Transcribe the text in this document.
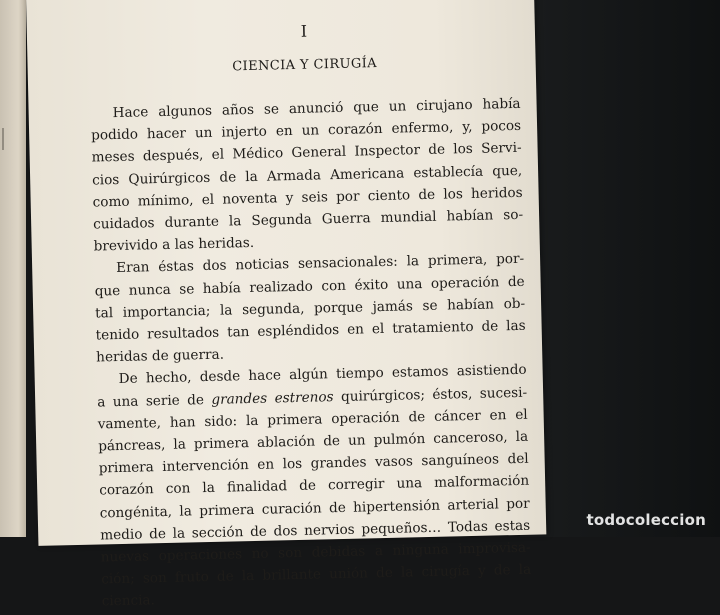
I
CIENCIA Y CIRUGÍA
Hace algunos años se anunció que un cirujano había
podido hacer un injerto en un corazón enfermo, y, pocos
meses después, el Médico General Inspector de los Servi-
cios Quirúrgicos de la Armada Americana establecía que,
como mínimo, el noventa y seis por ciento de los heridos
cuidados durante la Segunda Guerra mundial habían so-
brevivido a las heridas.
Eran éstas dos noticias sensacionales: la primera, por-
que nunca se había realizado con éxito una operación de
tal importancia; la segunda, porque jamás se habían ob-
tenido resultados tan espléndidos en el tratamiento de las
heridas de guerra.
De hecho, desde hace algún tiempo estamos asistiendo
a una serie de grandes estrenos quirúrgicos; éstos, sucesi-
vamente, han sido: la primera operación de cáncer en el
páncreas, la primera ablación de un pulmón canceroso, la
primera intervención en los grandes vasos sanguíneos del
corazón con la finalidad de corregir una malformación
congénita, la primera curación de hipertensión arterial por
medio de la sección de dos nervios pequeños… Todas estas
nuevas operaciones no son debidas a ninguna improvisa-
ción; son fruto de la brillante unión de la cirugía y de la
ciencia.
todocoleccion
